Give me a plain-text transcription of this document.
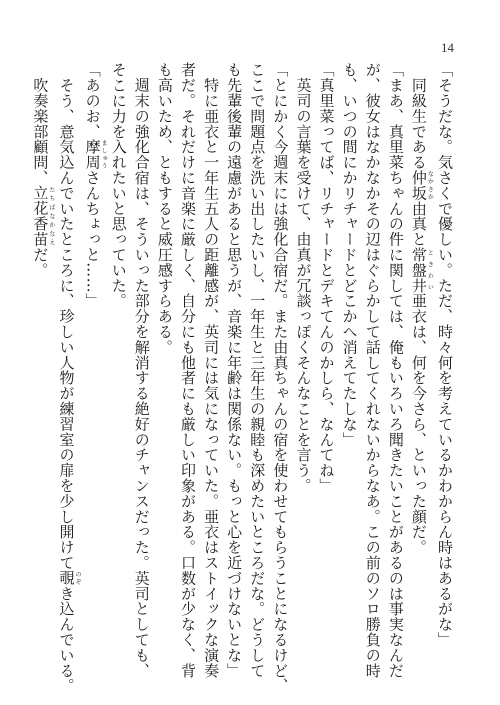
14
「そうだな。気さくで優しい。ただ、時々何を考えているかわからん時はあるがな」
　同級生である仲坂なかさか由真と常盤井ときわい亜衣は、何を今さら、といった顔だ。
「まあ、真里菜ちゃんの件に関しては、俺もいろいろ聞きたいことがあるのは事実なんだ
が、彼女はなかなかその辺はぐらかして話してくれないからなあ。この前のソロ勝負の時
も、いつの間にかリチャードとどこかへ消えてたしな」
「真里菜ってば、リチャードとデキてんのかしら、なんてね」
　英司の言葉を受けて、由真が冗談っぽくそんなことを言う。
「とにかく今週末には強化合宿だ。また由真ちゃんの宿を使わせてもらうことになるけど、
ここで問題点を洗い出したいし、一年生と三年生の親睦も深めたいところだな。どうして
も先輩後輩の遠慮があると思うが、音楽に年齢は関係ない。もっと心を近づけないとな」
　特に亜衣と一年生五人の距離感が、英司には気になっていた。亜衣はストイックな演奏
者だ。それだけに音楽に厳しく、自分にも他者にも厳しい印象がある。口数が少なく、背
も高いため、ともすると威圧感すらある。
　週末の強化合宿は、そういった部分を解消する絶好のチャンスだった。英司としても、
そこに力を入れたいと思っていた。
「あのお、摩周ましゅうさんちょっと……」
　そう、意気込んでいたところに、珍しい人物が練習室の扉を少し開けて覗のぞき込んでいる。
　吹奏楽部顧問、立花香苗たちばなかなえだ。
